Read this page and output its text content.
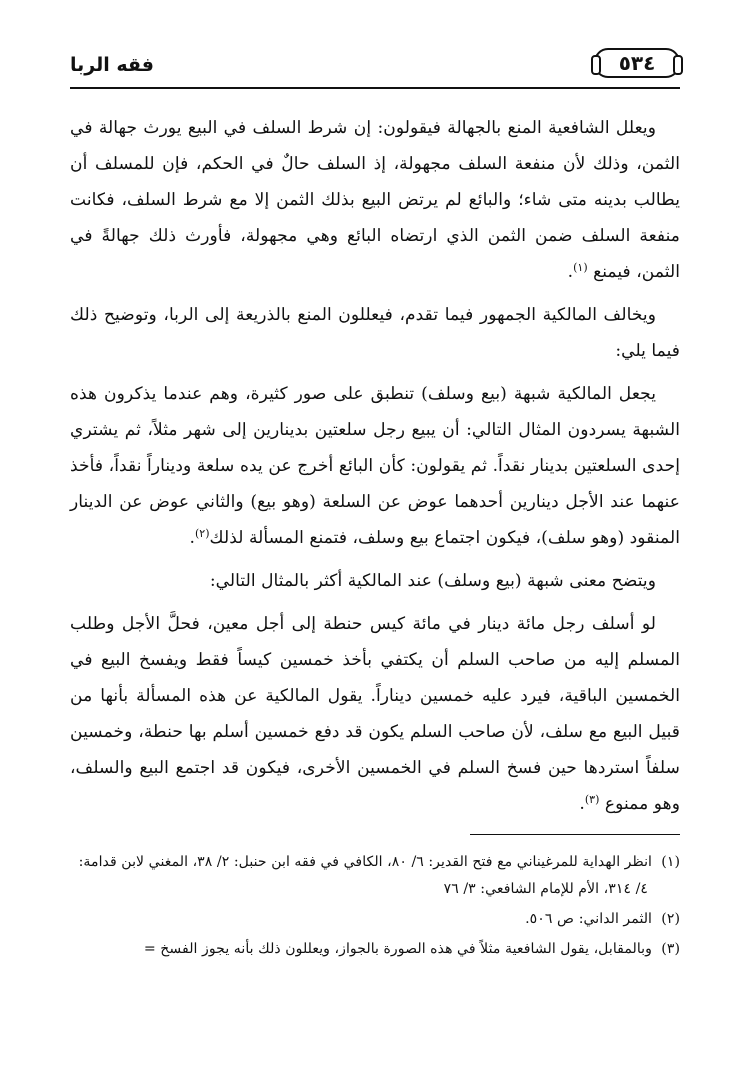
٥٣٤
فقه الربا

ويعلل الشافعية المنع بالجهالة فيقولون: إن شرط السلف في البيع يورث جهالة في الثمن، وذلك لأن منفعة السلف مجهولة، إذ السلف حالٌ في الحكم، فإن للمسلف أن يطالب بدينه متى شاء؛ والبائع لم يرتض البيع بذلك الثمن إلا مع شرط السلف، فكانت منفعة السلف ضمن الثمن الذي ارتضاه البائع وهي مجهولة، فأورث ذلك جهالةً في الثمن، فيمنع $^{(١)}$.

ويخالف المالكية الجمهور فيما تقدم، فيعللون المنع بالذريعة إلى الربا، وتوضيح ذلك فيما يلي:

يجعل المالكية شبهة (بيع وسلف) تنطبق على صور كثيرة، وهم عندما يذكرون هذه الشبهة يسردون المثال التالي: أن يبيع رجل سلعتين بدينارين إلى شهر مثلاً، ثم يشتري إحدى السلعتين بدينار نقداً. ثم يقولون: كأن البائع أخرج عن يده سلعة وديناراً نقداً، فأخذ عنهما عند الأجل دينارين أحدهما عوض عن السلعة (وهو بيع) والثاني عوض عن الدينار المنقود (وهو سلف)، فيكون اجتماع بيع وسلف، فتمنع المسألة لذلك$^{(٢)}$.

ويتضح معنى شبهة (بيع وسلف) عند المالكية أكثر بالمثال التالي:

لو أسلف رجل مائة دينار في مائة كيس حنطة إلى أجل معين، فحلَّ الأجل وطلب المسلم إليه من صاحب السلم أن يكتفي بأخذ خمسين كيساً فقط ويفسخ البيع في الخمسين الباقية، فيرد عليه خمسين ديناراً. يقول المالكية عن هذه المسألة بأنها من قبيل البيع مع سلف، لأن صاحب السلم يكون قد دفع خمسين أسلم بها حنطة، وخمسين سلفاً استردها حين فسخ السلم في الخمسين الأخرى، فيكون قد اجتمع البيع والسلف، وهو ممنوع $^{(٣)}$.

(١)انظر الهداية للمرغيناني مع فتح القدير: ٦/ ٨٠، الكافي في فقه ابن حنبل: ٢/ ٣٨، المغني لابن قدامة: ٤/ ٣١٤، الأم للإمام الشافعي: ٣/ ٧٦

(٢)الثمر الداني: ص ٥٠٦.

(٣)وبالمقابل، يقول الشافعية مثلاً في هذه الصورة بالجواز، ويعللون ذلك بأنه يجوز الفسخ =
